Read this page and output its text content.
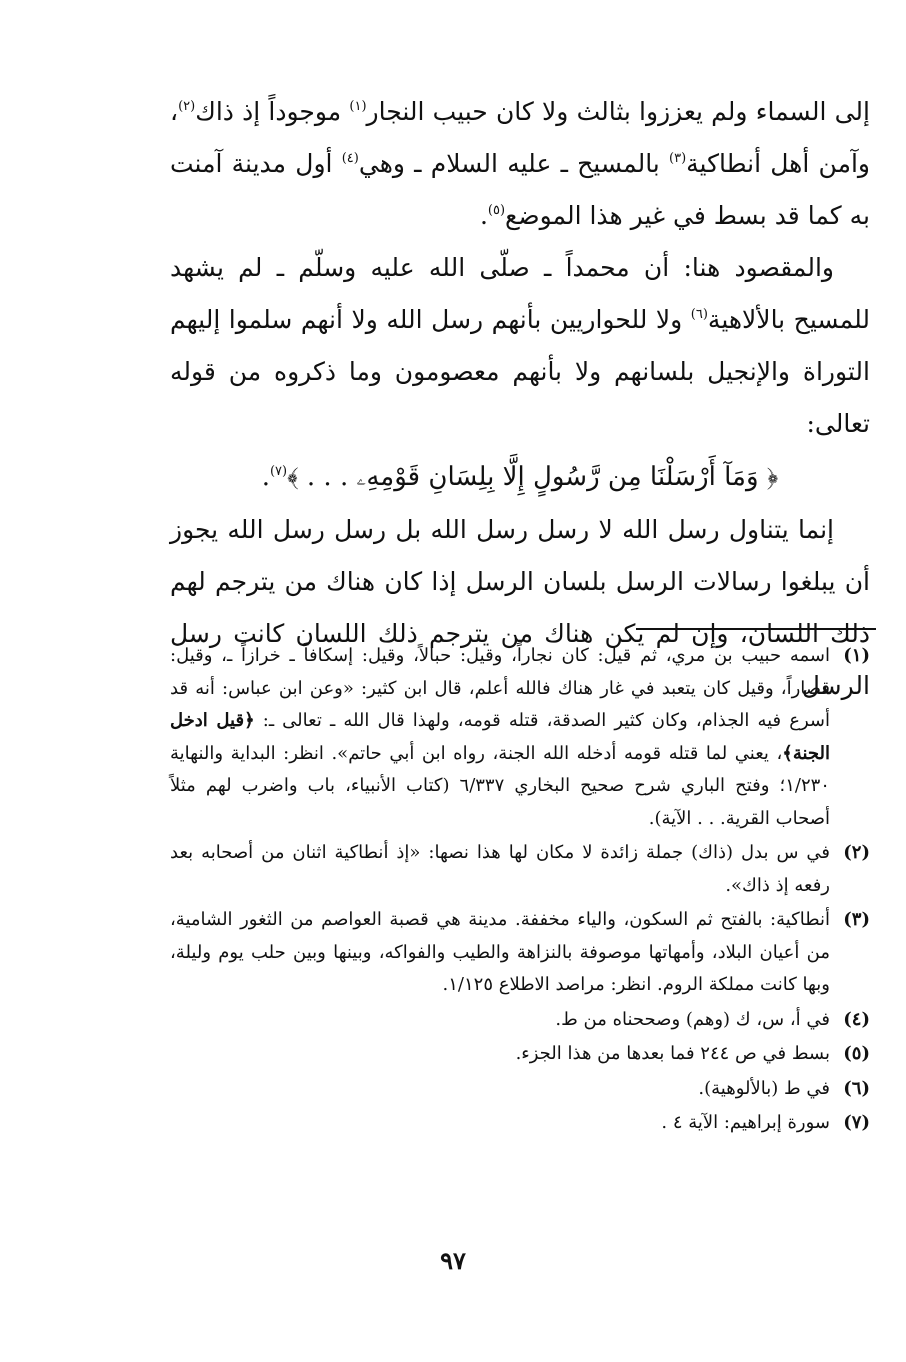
إلى السماء ولم يعززوا بثالث ولا كان حبيب النجار$^{(١)}$ موجوداً إذ ذاك$^{(٢)}$، وآمن أهل أنطاكية$^{(٣)}$ بالمسيح ـ عليه السلام ـ وهي$^{(٤)}$ أول مدينة آمنت به كما قد بسط في غير هذا الموضع$^{(٥)}$.

والمقصود هنا: أن محمداً ـ صلّى الله عليه وسلّم ـ لم يشهد للمسيح بالألاهية$^{(٦)}$ ولا للحواريين بأنهم رسل الله ولا أنهم سلموا إليهم التوراة والإنجيل بلسانهم ولا بأنهم معصومون وما ذكروه من قوله تعالى:

﴿ وَمَآ أَرْسَلْنَا مِن رَّسُولٍ إِلَّا بِلِسَانِ قَوْمِهِۦ . . . ﴾$^{(٧)}$.

إنما يتناول رسل الله لا رسل رسل الله بل رسل رسل الله يجوز أن يبلغوا رسالات الرسل بلسان الرسل إذا كان هناك من يترجم لهم ذلك اللسان، وإن لم يكن هناك من يترجم ذلك اللسان كانت رسل الرسل

(١)
اسمه حبيب بن مري، ثم قيل: كان نجاراً، وقيل: حبالاً، وقيل: إسكافاً ـ خرازاً ـ، وقيل: قصاراً، وقيل كان يتعبد في غار هناك فالله أعلم، قال ابن كثير: «وعن ابن عباس: أنه قد أسرع فيه الجذام، وكان كثير الصدقة، قتله قومه، ولهذا قال الله ـ تعالى ـ: ﴿قيل ادخل الجنة﴾، يعني لما قتله قومه أدخله الله الجنة، رواه ابن أبي حاتم». انظر: البداية والنهاية ١/٢٣٠؛ وفتح الباري شرح صحيح البخاري ٦/٣٣٧ (كتاب الأنبياء، باب واضرب لهم مثلاً أصحاب القرية. . . الآية).
(٢)
في س بدل (ذاك) جملة زائدة لا مكان لها هذا نصها: «إذ أنطاكية اثنان من أصحابه بعد رفعه إذ ذاك».
(٣)
أنطاكية: بالفتح ثم السكون، والياء مخففة. مدينة هي قصبة العواصم من الثغور الشامية، من أعيان البلاد، وأمهاتها موصوفة بالنزاهة والطيب والفواكه، وبينها وبين حلب يوم وليلة، وبها كانت مملكة الروم. انظر: مراصد الاطلاع ١/١٢٥.
(٤)
في أ، س، ك (وهم) وصححناه من ط.
(٥)
بسط في ص ٢٤٤ فما بعدها من هذا الجزء.
(٦)
في ط (بالألوهية).
(٧)
سورة إبراهيم: الآية ٤ .
٩٧
